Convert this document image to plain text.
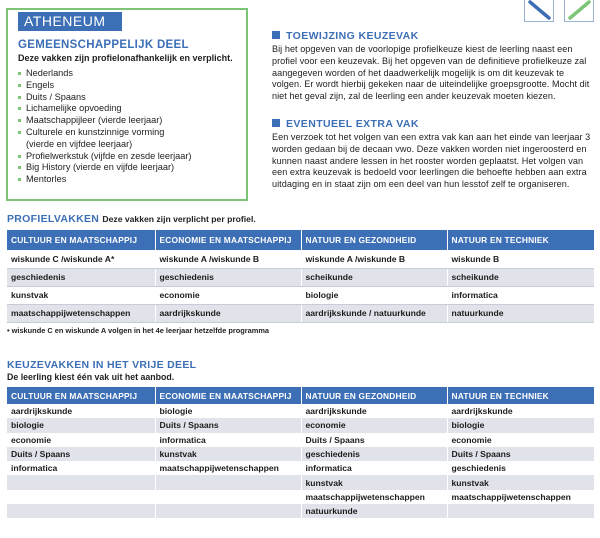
ATHENEUM
GEMEENSCHAPPELIJK DEEL
Deze vakken zijn profielonafhankelijk en verplicht.
Nederlands
Engels
Duits / Spaans
Lichamelijke opvoeding
Maatschappijleer (vierde leerjaar)
Culturele en kunstzinnige vorming
(vierde en vijfdee leerjaar)
Profielwerkstuk (vijfde en zesde leerjaar)
Big History (vierde en vijfde leerjaar)
Mentorles
TOEWIJZING KEUZEVAK
Bij het opgeven van de voorlopige profielkeuze kiest de leerling naast een profiel voor een keuzevak. Bij het opgeven van de definitieve profielkeuze zal aangegeven worden of het daadwerkelijk mogelijk is om dit keuzevak te volgen. Er wordt hierbij gekeken naar de uiteindelijke groepsgrootte. Mocht dit niet het geval zijn, zal de leerling een ander keuzevak moeten kiezen.
EVENTUEEL EXTRA VAK
Een verzoek tot het volgen van een extra vak kan aan het einde van leerjaar 3 worden gedaan bij de decaan vwo. Deze vakken worden niet ingeroosterd en kunnen naast andere lessen in het rooster worden geplaatst. Het volgen van een extra keuzevak is bedoeld voor leerlingen die behoefte hebben aan extra uitdaging en in staat zijn om een deel van hun lesstof zelf te organiseren.
PROFIELVAKKEN Deze vakken zijn verplicht per profiel.
CULTUUR EN MAATSCHAPPIJ	ECONOMIE EN MAATSCHAPPIJ	NATUUR EN GEZONDHEID	NATUUR EN TECHNIEK
wiskunde C /wiskunde A*	wiskunde A /wiskunde B	wiskunde A /wiskunde B	wiskunde B
geschiedenis	geschiedenis	scheikunde	scheikunde
kunstvak	economie	biologie	informatica
maatschappijwetenschappen	aardrijkskunde	aardrijkskunde / natuurkunde	natuurkunde
• wiskunde C en wiskunde A volgen in het 4e leerjaar hetzelfde programma
KEUZEVAKKEN IN HET VRIJE DEEL
De leerling kiest één vak uit het aanbod.
CULTUUR EN MAATSCHAPPIJ	ECONOMIE EN MAATSCHAPPIJ	NATUUR EN GEZONDHEID	NATUUR EN TECHNIEK
aardrijkskunde	biologie	aardrijkskunde	aardrijkskunde
biologie	Duits / Spaans	economie	biologie
economie	informatica	Duits / Spaans	economie
Duits / Spaans	kunstvak	geschiedenis	Duits / Spaans
informatica	maatschappijwetenschappen	informatica	geschiedenis
		kunstvak	kunstvak
		maatschappijwetenschappen	maatschappijwetenschappen
		natuurkunde	
